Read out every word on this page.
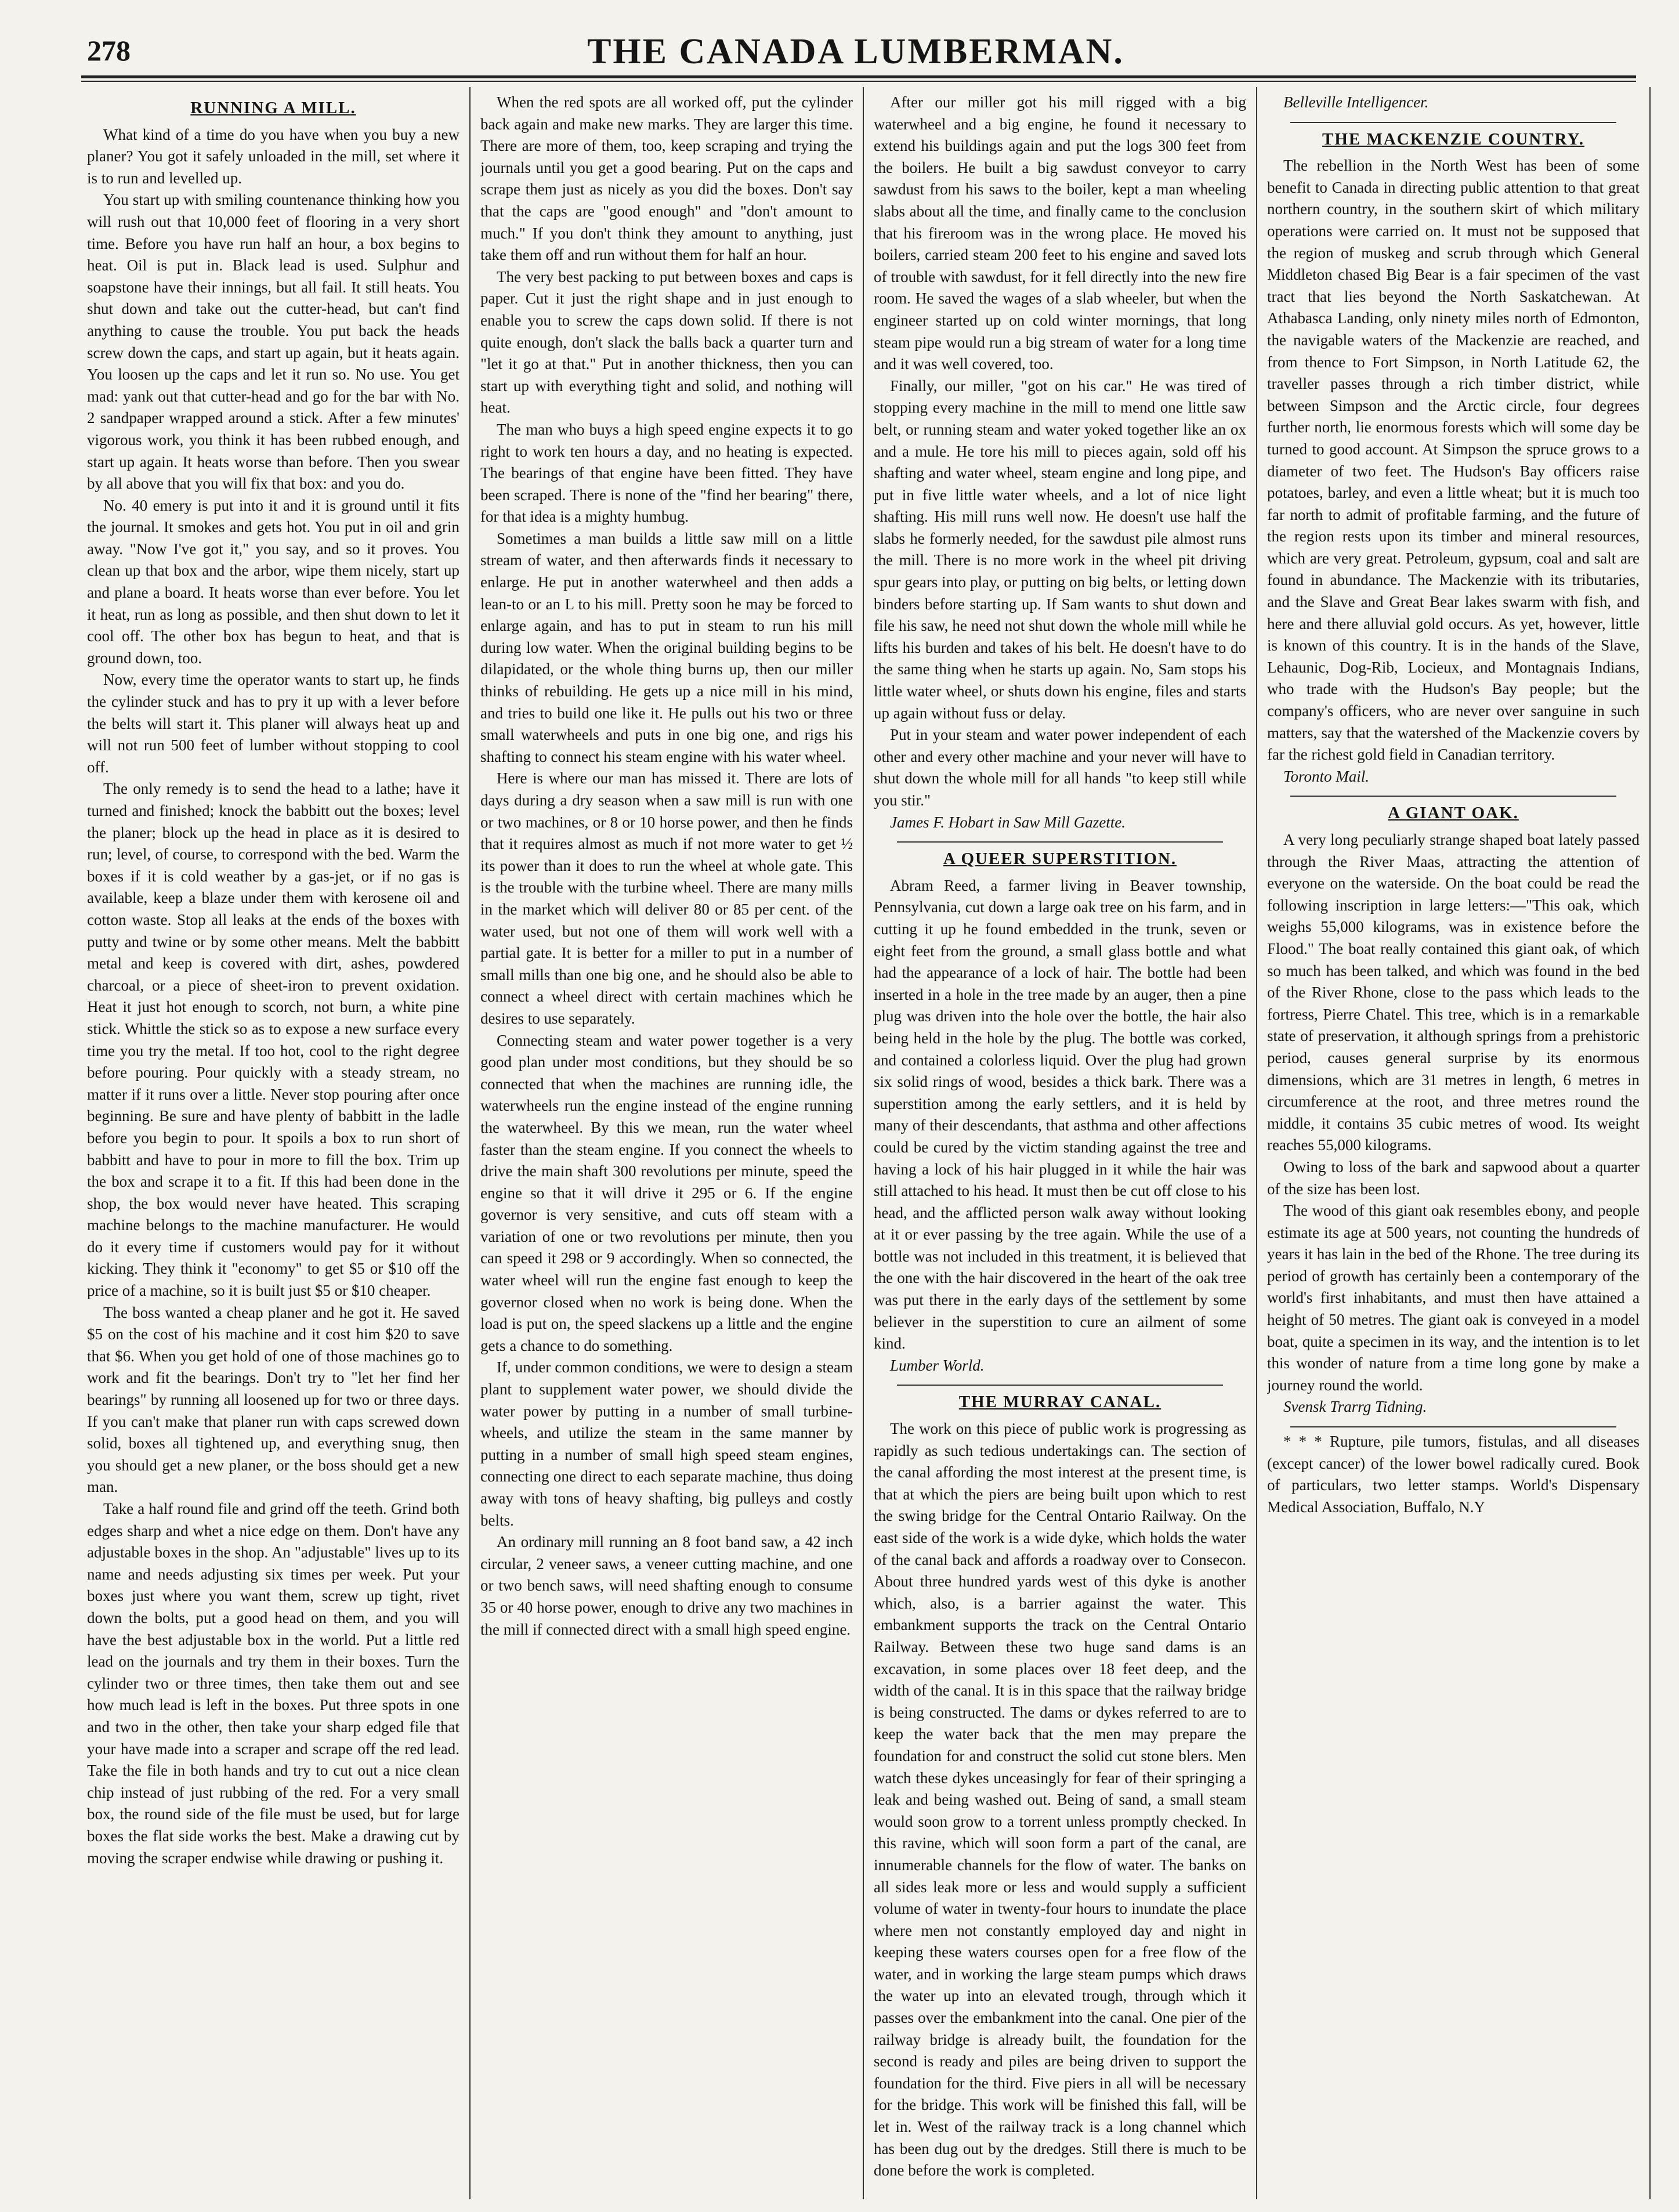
278	THE CANADA LUMBERMAN.
RUNNING A MILL.

What kind of a time do you have when you buy a new planer? You got it safely unloaded in the mill, set where it is to run and levelled up.

You start up with smiling countenance thinking how you will rush out that 10,000 feet of flooring in a very short time. Before you have run half an hour, a box begins to heat. Oil is put in. Black lead is used. Sulphur and soapstone have their innings, but all fail. It still heats. You shut down and take out the cutter-head, but can't find anything to cause the trouble. You put back the heads screw down the caps, and start up again, but it heats again. You loosen up the caps and let it run so. No use. You get mad: yank out that cutter-head and go for the bar with No. 2 sandpaper wrapped around a stick. After a few minutes' vigorous work, you think it has been rubbed enough, and start up again. It heats worse than before. Then you swear by all above that you will fix that box: and you do.

No. 40 emery is put into it and it is ground until it fits the journal. It smokes and gets hot. You put in oil and grin away. "Now I've got it," you say, and so it proves. You clean up that box and the arbor, wipe them nicely, start up and plane a board. It heats worse than ever before. You let it heat, run as long as possible, and then shut down to let it cool off. The other box has begun to heat, and that is ground down, too.

Now, every time the operator wants to start up, he finds the cylinder stuck and has to pry it up with a lever before the belts will start it. This planer will always heat up and will not run 500 feet of lumber without stopping to cool off.

The only remedy is to send the head to a lathe; have it turned and finished; knock the babbitt out the boxes; level the planer; block up the head in place as it is desired to run; level, of course, to correspond with the bed. Warm the boxes if it is cold weather by a gas-jet, or if no gas is available, keep a blaze under them with kerosene oil and cotton waste. Stop all leaks at the ends of the boxes with putty and twine or by some other means. Melt the babbitt metal and keep is covered with dirt, ashes, powdered charcoal, or a piece of sheet-iron to prevent oxidation. Heat it just hot enough to scorch, not burn, a white pine stick. Whittle the stick so as to expose a new surface every time you try the metal. If too hot, cool to the right degree before pouring. Pour quickly with a steady stream, no matter if it runs over a little. Never stop pouring after once beginning. Be sure and have plenty of babbitt in the ladle before you begin to pour. It spoils a box to run short of babbitt and have to pour in more to fill the box. Trim up the box and scrape it to a fit. If this had been done in the shop, the box would never have heated. This scraping machine belongs to the machine manufacturer. He would do it every time if customers would pay for it without kicking. They think it "economy" to get $5 or $10 off the price of a machine, so it is built just $5 or $10 cheaper.

The boss wanted a cheap planer and he got it. He saved $5 on the cost of his machine and it cost him $20 to save that $6. When you get hold of one of those machines go to work and fit the bearings. Don't try to "let her find her bearings" by running all loosened up for two or three days. If you can't make that planer run with caps screwed down solid, boxes all tightened up, and everything snug, then you should get a new planer, or the boss should get a new man.

Take a half round file and grind off the teeth. Grind both edges sharp and whet a nice edge on them. Don't have any adjustable boxes in the shop. An "adjustable" lives up to its name and needs adjusting six times per week. Put your boxes just where you want them, screw up tight, rivet down the bolts, put a good head on them, and you will have the best adjustable box in the world. Put a little red lead on the journals and try them in their boxes. Turn the cylinder two or three times, then take them out and see how much lead is left in the boxes. Put three spots in one and two in the other, then take your sharp edged file that your have made into a scraper and scrape off the red lead. Take the file in both hands and try to cut out a nice clean chip instead of just rubbing of the red. For a very small box, the round side of the file must be used, but for large boxes the flat side works the best. Make a drawing cut by moving the scraper endwise while drawing or pushing it.

When the red spots are all worked off, put the cylinder back again and make new marks. They are larger this time. There are more of them, too, keep scraping and trying the journals until you get a good bearing. Put on the caps and scrape them just as nicely as you did the boxes. Don't say that the caps are "good enough" and "don't amount to much." If you don't think they amount to anything, just take them off and run without them for half an hour.

The very best packing to put between boxes and caps is paper. Cut it just the right shape and in just enough to enable you to screw the caps down solid. If there is not quite enough, don't slack the balls back a quarter turn and "let it go at that." Put in another thickness, then you can start up with everything tight and solid, and nothing will heat.

The man who buys a high speed engine expects it to go right to work ten hours a day, and no heating is expected. The bearings of that engine have been fitted. They have been scraped. There is none of the "find her bearing" there, for that idea is a mighty humbug.

Sometimes a man builds a little saw mill on a little stream of water, and then afterwards finds it necessary to enlarge. He put in another waterwheel and then adds a lean-to or an L to his mill. Pretty soon he may be forced to enlarge again, and has to put in steam to run his mill during low water. When the original building begins to be dilapidated, or the whole thing burns up, then our miller thinks of rebuilding. He gets up a nice mill in his mind, and tries to build one like it. He pulls out his two or three small waterwheels and puts in one big one, and rigs his shafting to connect his steam engine with his water wheel.

Here is where our man has missed it. There are lots of days during a dry season when a saw mill is run with one or two machines, or 8 or 10 horse power, and then he finds that it requires almost as much if not more water to get ½ its power than it does to run the wheel at whole gate. This is the trouble with the turbine wheel. There are many mills in the market which will deliver 80 or 85 per cent. of the water used, but not one of them will work well with a partial gate. It is better for a miller to put in a number of small mills than one big one, and he should also be able to connect a wheel direct with certain machines which he desires to use separately.

Connecting steam and water power together is a very good plan under most conditions, but they should be so connected that when the machines are running idle, the waterwheels run the engine instead of the engine running the waterwheel. By this we mean, run the water wheel faster than the steam engine. If you connect the wheels to drive the main shaft 300 revolutions per minute, speed the engine so that it will drive it 295 or 6. If the engine governor is very sensitive, and cuts off steam with a variation of one or two revolutions per minute, then you can speed it 298 or 9 accordingly. When so connected, the water wheel will run the engine fast enough to keep the governor closed when no work is being done. When the load is put on, the speed slackens up a little and the engine gets a chance to do something.

If, under common conditions, we were to design a steam plant to supplement water power, we should divide the water power by putting in a number of small turbine-wheels, and utilize the steam in the same manner by putting in a number of small high speed steam engines, connecting one direct to each separate machine, thus doing away with tons of heavy shafting, big pulleys and costly belts.

An ordinary mill running an 8 foot band saw, a 42 inch circular, 2 veneer saws, a veneer cutting machine, and one or two bench saws, will need shafting enough to consume 35 or 40 horse power, enough to drive any two machines in the mill if connected direct with a small high speed engine.

After our miller got his mill rigged with a big waterwheel and a big engine, he found it necessary to extend his buildings again and put the logs 300 feet from the boilers. He built a big sawdust conveyor to carry sawdust from his saws to the boiler, kept a man wheeling slabs about all the time, and finally came to the conclusion that his fireroom was in the wrong place. He moved his boilers, carried steam 200 feet to his engine and saved lots of trouble with sawdust, for it fell directly into the new fire room. He saved the wages of a slab wheeler, but when the engineer started up on cold winter mornings, that long steam pipe would run a big stream of water for a long time and it was well covered, too.

Finally, our miller, "got on his car." He was tired of stopping every machine in the mill to mend one little saw belt, or running steam and water yoked together like an ox and a mule. He tore his mill to pieces again, sold off his shafting and water wheel, steam engine and long pipe, and put in five little water wheels, and a lot of nice light shafting. His mill runs well now. He doesn't use half the slabs he formerly needed, for the sawdust pile almost runs the mill. There is no more work in the wheel pit driving spur gears into play, or putting on big belts, or letting down binders before starting up. If Sam wants to shut down and file his saw, he need not shut down the whole mill while he lifts his burden and takes of his belt. He doesn't have to do the same thing when he starts up again. No, Sam stops his little water wheel, or shuts down his engine, files and starts up again without fuss or delay.

Put in your steam and water power independent of each other and every other machine and your never will have to shut down the whole mill for all hands "to keep still while you stir."

James F. Hobart in Saw Mill Gazette.

A QUEER SUPERSTITION.

Abram Reed, a farmer living in Beaver township, Pennsylvania, cut down a large oak tree on his farm, and in cutting it up he found embedded in the trunk, seven or eight feet from the ground, a small glass bottle and what had the appearance of a lock of hair. The bottle had been inserted in a hole in the tree made by an auger, then a pine plug was driven into the hole over the bottle, the hair also being held in the hole by the plug. The bottle was corked, and contained a colorless liquid. Over the plug had grown six solid rings of wood, besides a thick bark. There was a superstition among the early settlers, and it is held by many of their descendants, that asthma and other affections could be cured by the victim standing against the tree and having a lock of his hair plugged in it while the hair was still attached to his head. It must then be cut off close to his head, and the afflicted person walk away without looking at it or ever passing by the tree again. While the use of a bottle was not included in this treatment, it is believed that the one with the hair discovered in the heart of the oak tree was put there in the early days of the settlement by some believer in the superstition to cure an ailment of some kind.

Lumber World.

THE MURRAY CANAL.

The work on this piece of public work is progressing as rapidly as such tedious undertakings can. The section of the canal affording the most interest at the present time, is that at which the piers are being built upon which to rest the swing bridge for the Central Ontario Railway. On the east side of the work is a wide dyke, which holds the water of the canal back and affords a roadway over to Consecon. About three hundred yards west of this dyke is another which, also, is a barrier against the water. This embankment supports the track on the Central Ontario Railway. Between these two huge sand dams is an excavation, in some places over 18 feet deep, and the width of the canal. It is in this space that the railway bridge is being constructed. The dams or dykes referred to are to keep the water back that the men may prepare the foundation for and construct the solid cut stone blers. Men watch these dykes unceasingly for fear of their springing a leak and being washed out. Being of sand, a small steam would soon grow to a torrent unless promptly checked. In this ravine, which will soon form a part of the canal, are innumerable channels for the flow of water. The banks on all sides leak more or less and would supply a sufficient volume of water in twenty-four hours to inundate the place where men not constantly employed day and night in keeping these waters courses open for a free flow of the water, and in working the large steam pumps which draws the water up into an elevated trough, through which it passes over the embankment into the canal. One pier of the railway bridge is already built, the foundation for the second is ready and piles are being driven to support the foundation for the third. Five piers in all will be necessary for the bridge. This work will be finished this fall, will be let in. West of the railway track is a long channel which has been dug out by the dredges. Still there is much to be done before the work is completed.

Belleville Intelligencer.

THE MACKENZIE COUNTRY.

The rebellion in the North West has been of some benefit to Canada in directing public attention to that great northern country, in the southern skirt of which military operations were carried on. It must not be supposed that the region of muskeg and scrub through which General Middleton chased Big Bear is a fair specimen of the vast tract that lies beyond the North Saskatchewan. At Athabasca Landing, only ninety miles north of Edmonton, the navigable waters of the Mackenzie are reached, and from thence to Fort Simpson, in North Latitude 62, the traveller passes through a rich timber district, while between Simpson and the Arctic circle, four degrees further north, lie enormous forests which will some day be turned to good account. At Simpson the spruce grows to a diameter of two feet. The Hudson's Bay officers raise potatoes, barley, and even a little wheat; but it is much too far north to admit of profitable farming, and the future of the region rests upon its timber and mineral resources, which are very great. Petroleum, gypsum, coal and salt are found in abundance. The Mackenzie with its tributaries, and the Slave and Great Bear lakes swarm with fish, and here and there alluvial gold occurs. As yet, however, little is known of this country. It is in the hands of the Slave, Lehaunic, Dog-Rib, Locieux, and Montagnais Indians, who trade with the Hudson's Bay people; but the company's officers, who are never over sanguine in such matters, say that the watershed of the Mackenzie covers by far the richest gold field in Canadian territory.

Toronto Mail.

A GIANT OAK.

A very long peculiarly strange shaped boat lately passed through the River Maas, attracting the attention of everyone on the waterside. On the boat could be read the following inscription in large letters:—"This oak, which weighs 55,000 kilograms, was in existence before the Flood." The boat really contained this giant oak, of which so much has been talked, and which was found in the bed of the River Rhone, close to the pass which leads to the fortress, Pierre Chatel. This tree, which is in a remarkable state of preservation, it although springs from a prehistoric period, causes general surprise by its enormous dimensions, which are 31 metres in length, 6 metres in circumference at the root, and three metres round the middle, it contains 35 cubic metres of wood. Its weight reaches 55,000 kilograms.

Owing to loss of the bark and sapwood about a quarter of the size has been lost.

The wood of this giant oak resembles ebony, and people estimate its age at 500 years, not counting the hundreds of years it has lain in the bed of the Rhone. The tree during its period of growth has certainly been a contemporary of the world's first inhabitants, and must then have attained a height of 50 metres. The giant oak is conveyed in a model boat, quite a specimen in its way, and the intention is to let this wonder of nature from a time long gone by make a journey round the world.

Svensk Trarrg Tidning.

* * * Rupture, pile tumors, fistulas, and all diseases (except cancer) of the lower bowel radically cured. Book of particulars, two letter stamps. World's Dispensary Medical Association, Buffalo, N.Y
